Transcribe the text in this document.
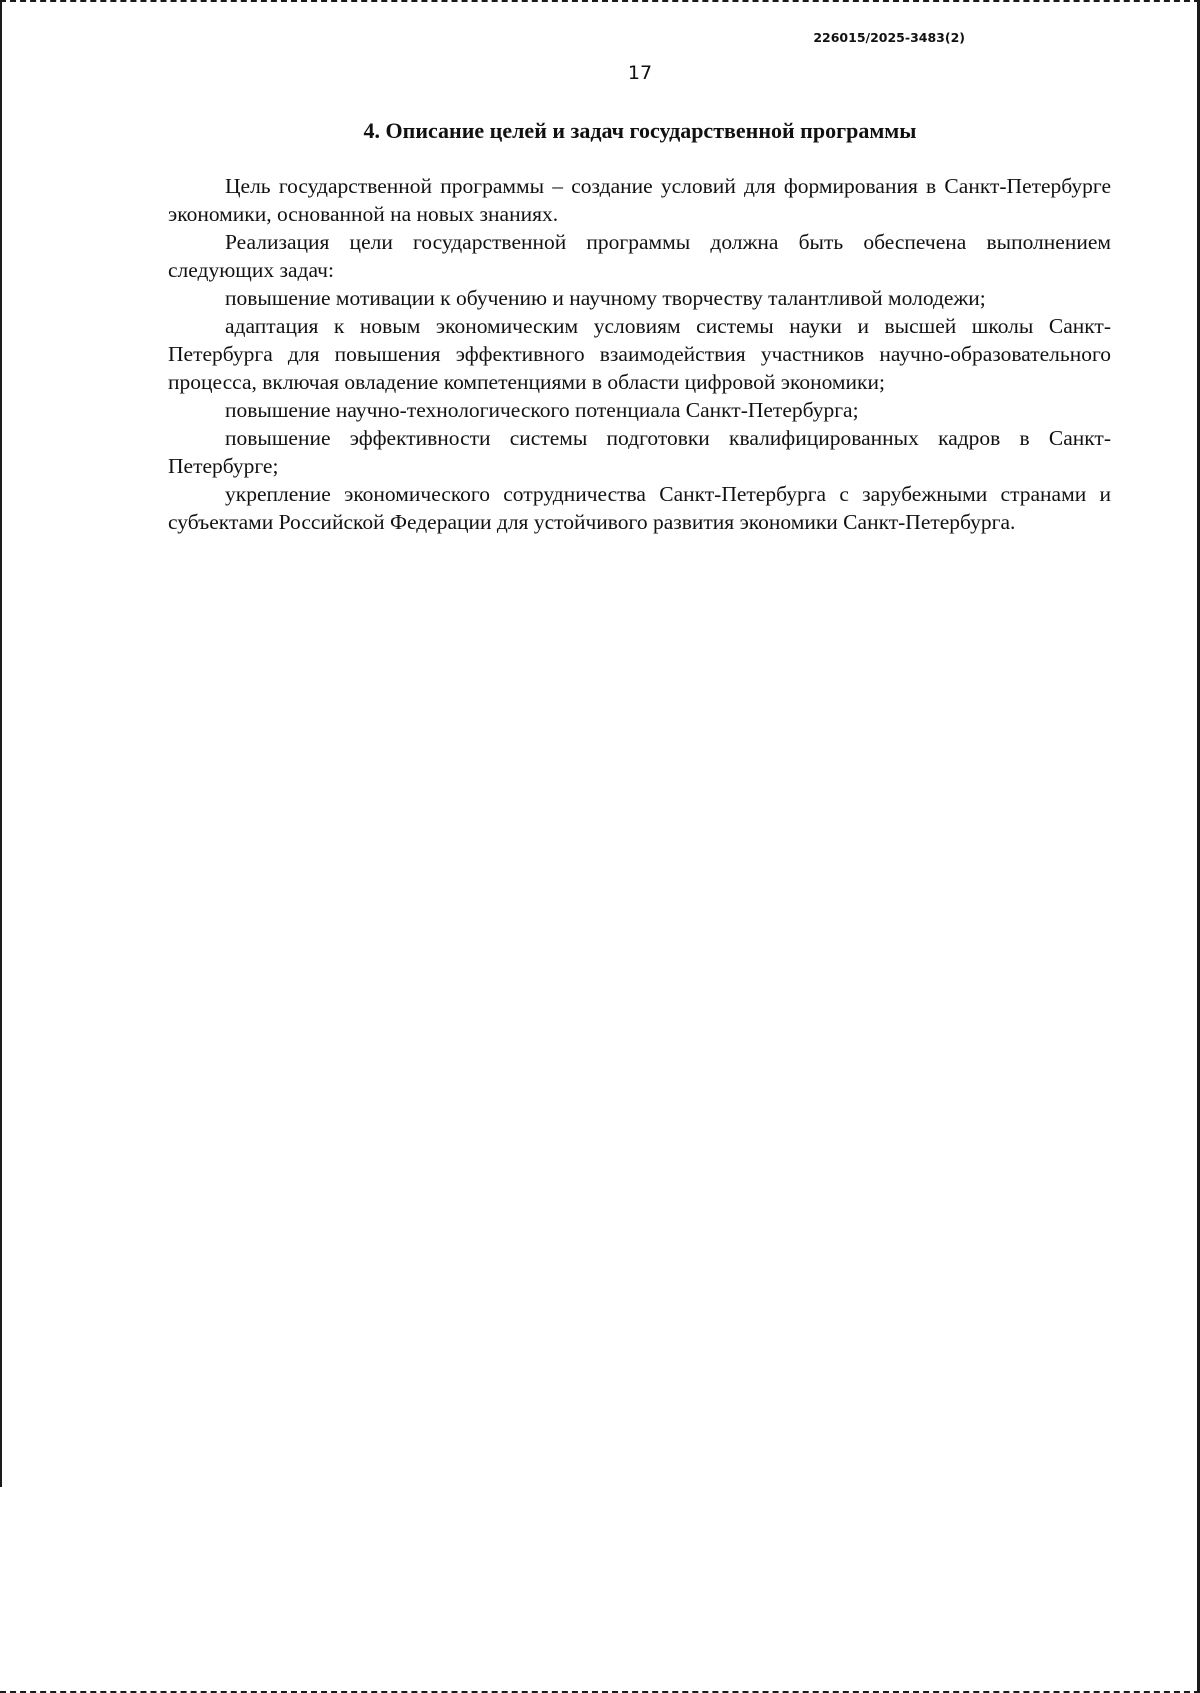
226015/2025-3483(2)
17
4. Описание целей и задач государственной программы

Цель государственной программы – создание условий для формирования в Санкт-Петербурге экономики, основанной на новых знаниях.

Реализация цели государственной программы должна быть обеспечена выполнением следующих задач:

повышение мотивации к обучению и научному творчеству талантливой молодежи;

адаптация к новым экономическим условиям системы науки и высшей школы Санкт-Петербурга для повышения эффективного взаимодействия участников научно-образовательного процесса, включая овладение компетенциями в области цифровой экономики;

повышение научно-технологического потенциала Санкт-Петербурга;

повышение эффективности системы подготовки квалифицированных кадров в Санкт-Петербурге;

укрепление экономического сотрудничества Санкт-Петербурга с зарубежными странами и субъектами Российской Федерации для устойчивого развития экономики Санкт-Петербурга.
